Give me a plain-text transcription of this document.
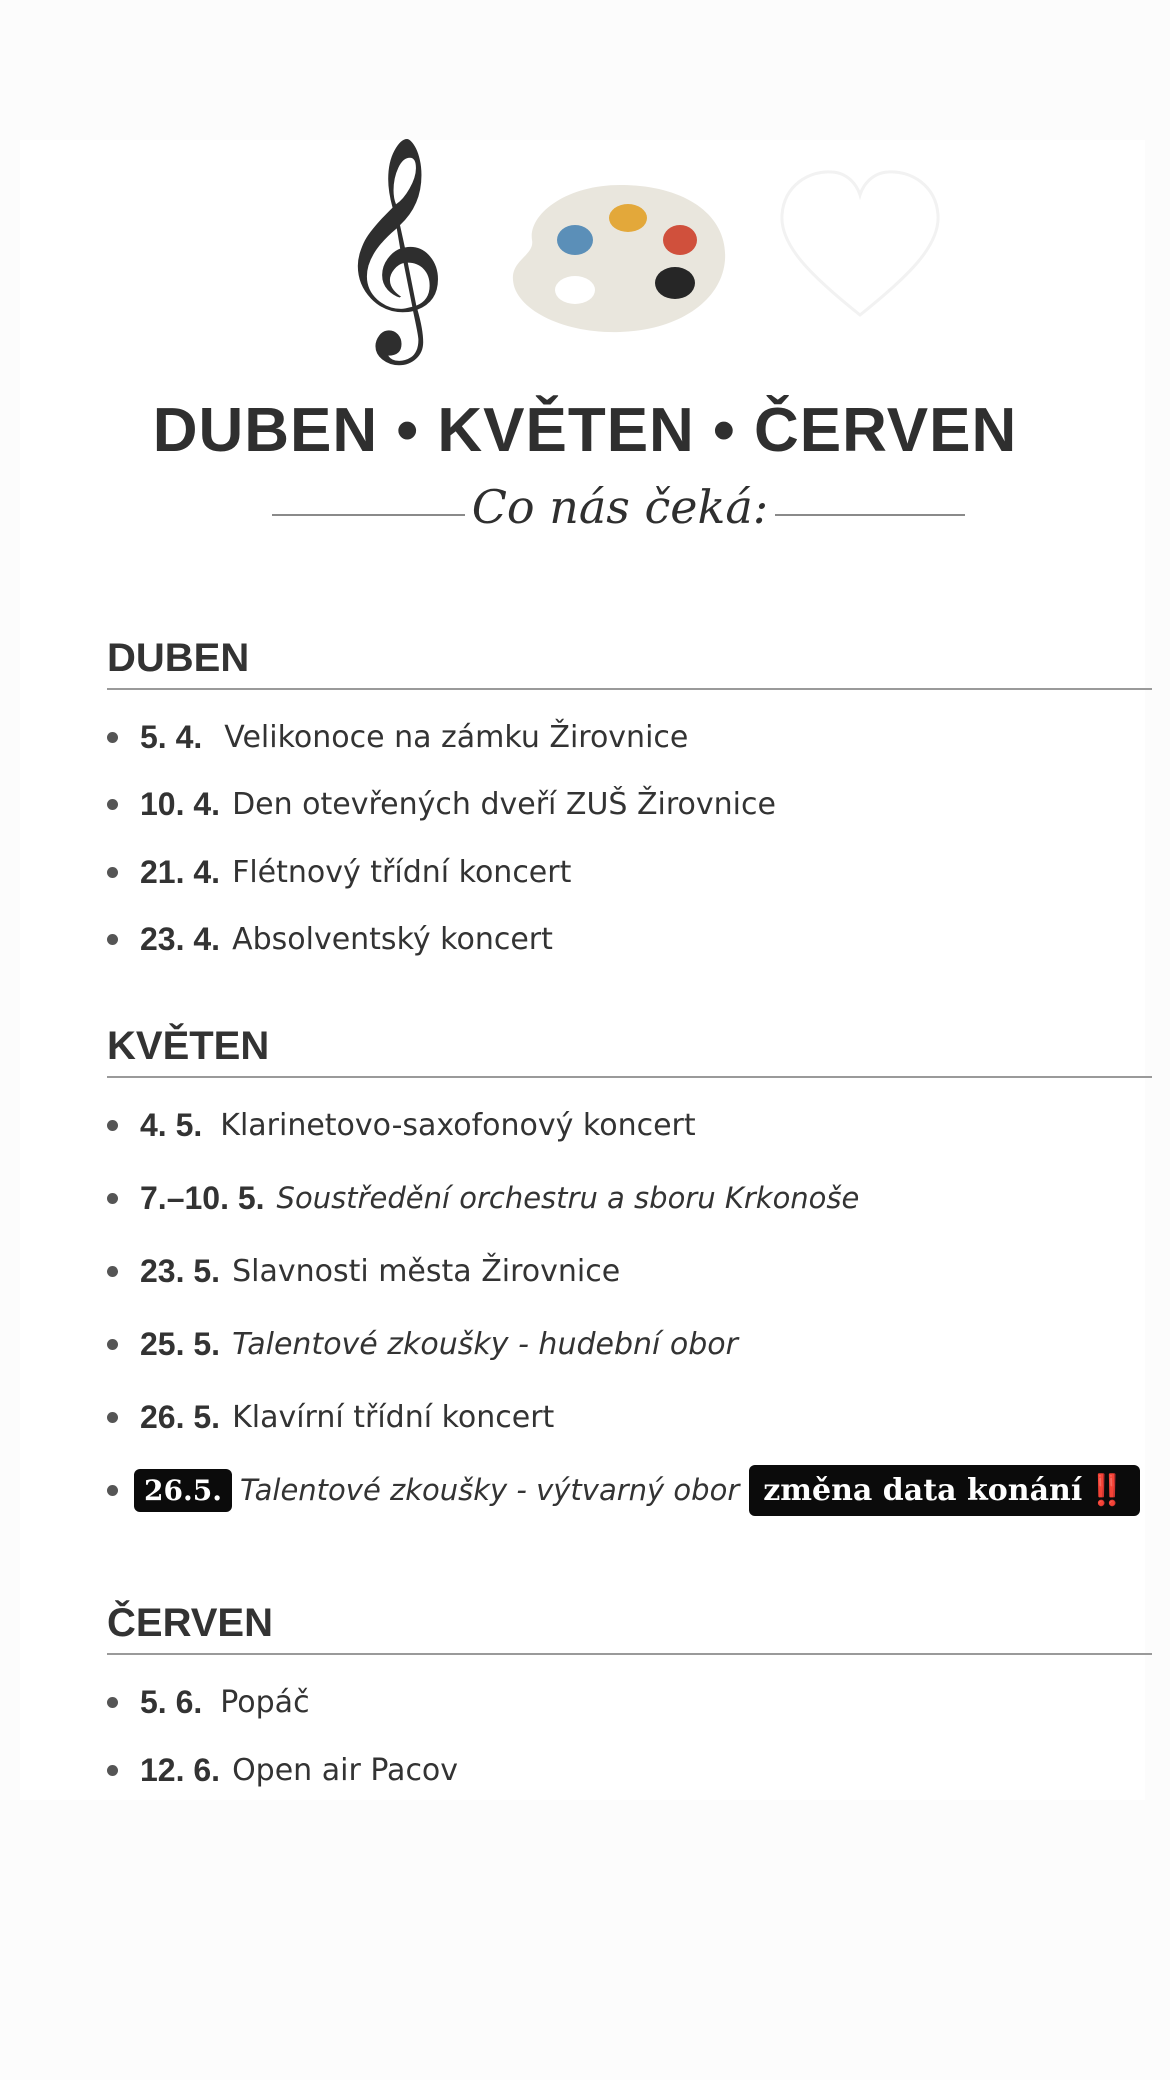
𝄞
DUBEN • KVĚTEN • ČERVEN
Co nás čeká:
DUBEN
5. 4. Velikonoce na zámku Žirovnice
10. 4. Den otevřených dveří ZUŠ Žirovnice
21. 4. Flétnový třídní koncert
23. 4. Absolventský koncert
KVĚTEN
4. 5. Klarinetovo-saxofonový koncert
7.–10. 5. Soustředění orchestru a sboru Krkonoše
23. 5. Slavnosti města Žirovnice
25. 5. Talentové zkoušky - hudební obor
26. 5. Klavírní třídní koncert
26.5. Talentové zkoušky - výtvarný obor změna data konání ‼️
ČERVEN
5. 6. Popáč
12. 6. Open air Pacov
